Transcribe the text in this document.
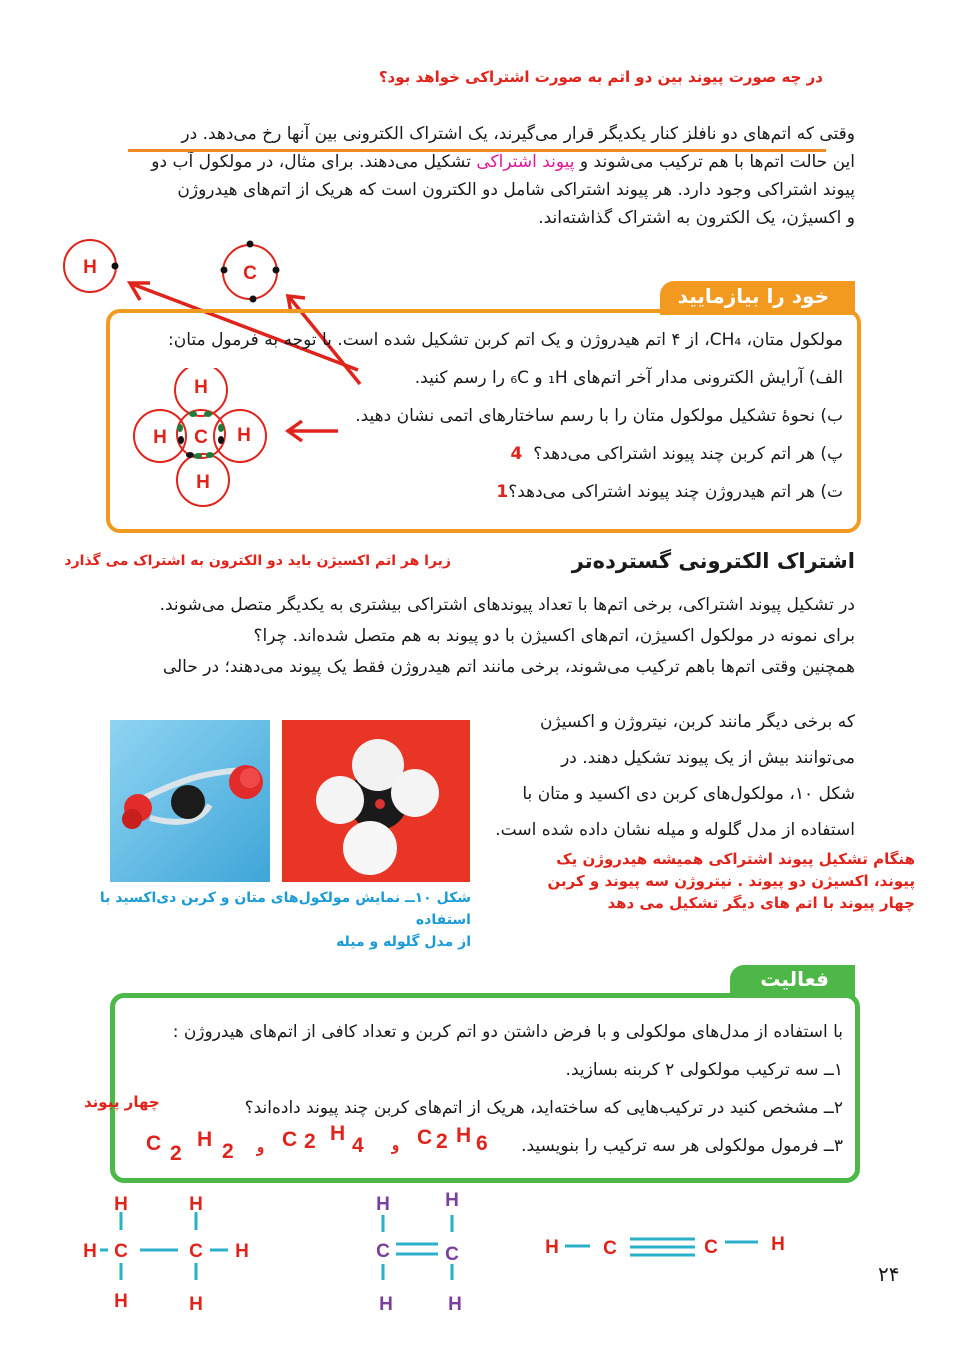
در چه صورت پیوند بین دو اتم به صورت اشتراکی خواهد بود؟
وقتی که اتم‌های دو نافلز کنار یکدیگر قرار می‌گیرند، یک اشتراک الکترونی بین آنها رخ می‌دهد. در
این حالت اتم‌ها با هم ترکیب می‌شوند و پیوند اشتراکی تشکیل می‌دهند. برای مثال، در مولکول آب دو
پیوند اشتراکی وجود دارد. هر پیوند اشتراکی شامل دو الکترون است که هریک از اتم‌های هیدروژن
و اکسیژن، یک الکترون به اشتراک گذاشته‌اند.
H	C
خود را بیازمایید
مولکول متان، CH₄، از ۴ اتم هیدروژن و یک اتم کربن تشکیل شده است. با توجه به فرمول متان:
الف) آرایش الکترونی مدار آخر اتم‌های ₁H و ₆C را رسم کنید.
ب) نحوهٔ تشکیل مولکول متان را با رسم ساختارهای اتمی نشان دهید.
پ) هر اتم کربن چند پیوند اشتراکی می‌دهد؟  4
ت) هر اتم هیدروژن چند پیوند اشتراکی می‌دهد؟1
H
H C H
H
اشتراک الکترونی گسترده‌تر
زیرا هر اتم اکسیژن باید دو الکترون به اشتراک می گذارد
در تشکیل پیوند اشتراکی، برخی اتم‌ها با تعداد پیوندهای اشتراکی بیشتری به یکدیگر متصل می‌شوند.
برای نمونه در مولکول اکسیژن، اتم‌های اکسیژن با دو پیوند به هم متصل شده‌اند. چرا؟
همچنین وقتی اتم‌ها باهم ترکیب می‌شوند، برخی مانند اتم هیدروژن فقط یک پیوند می‌دهند؛ در حالی
که برخی دیگر مانند کربن، نیتروژن و اکسیژن
می‌توانند بیش از یک پیوند تشکیل دهند. در
شکل ۱۰، مولکول‌های کربن دی اکسید و متان با
استفاده از مدل گلوله و میله نشان داده شده است.
شکل ۱۰ــ نمایش مولکول‌های متان و کربن دی‌اکسید با استفاده
از مدل گلوله و میله
هنگام تشکیل پیوند اشتراکی همیشه هیدروژن یک
پیوند، اکسیژن دو پیوند . نیتروژن سه پیوند و کربن
چهار پیوند با اتم های دیگر تشکیل می دهد
فعالیت
با استفاده از مدل‌های مولکولی و با فرض داشتن دو اتم کربن و تعداد کافی از اتم‌های هیدروژن :
۱ــ سه ترکیب مولکولی ۲ کربنه بسازید.
۲ــ مشخص کنید در ترکیب‌هایی که ساخته‌اید، هریک از اتم‌های کربن چند پیوند داده‌اند؟
۳ــ فرمول مولکولی هر سه ترکیب را بنویسید.
چهار پیوند
C 2
H
2 و C 2 H
4 و C 2 H 6
H
H C
H
H
C H
H
H
C
H
H
C
H
H C	C	H
۲۴
